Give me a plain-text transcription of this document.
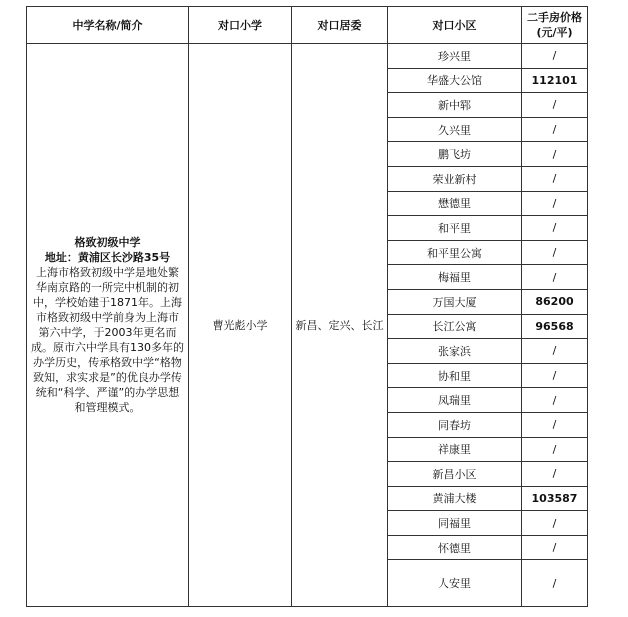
中学名称/简介	对口小学	对口居委	对口小区	二手房价格
(元/平)

格致初级中学
地址：黄浦区长沙路35号
上海市格致初级中学是地处繁华南京路的一所完中机制的初中，学校始建于1871年。上海市格致初级中学前身为上海市第六中学，于2003年更名而成。原市六中学具有130多年的办学历史，传承格致中学“格物致知，求实求是”的优良办学传统和“科学、严谨”的办学思想和管理模式。	曹光彪小学	新昌、定兴、长江	珍兴里	/
			华盛大公馆	112101
			新中郓	/
			久兴里	/
			鹏飞坊	/
			荣业新村	/
			懋德里	/
			和平里	/
			和平里公寓	/
			梅福里	/
			万国大厦	86200
			长江公寓	96568
			张家浜	/
			协和里	/
			凤瑞里	/
			同春坊	/
			祥康里	/
			新昌小区	/
			黄浦大楼	103587
			同福里	/
			怀德里	/
			人安里	/
